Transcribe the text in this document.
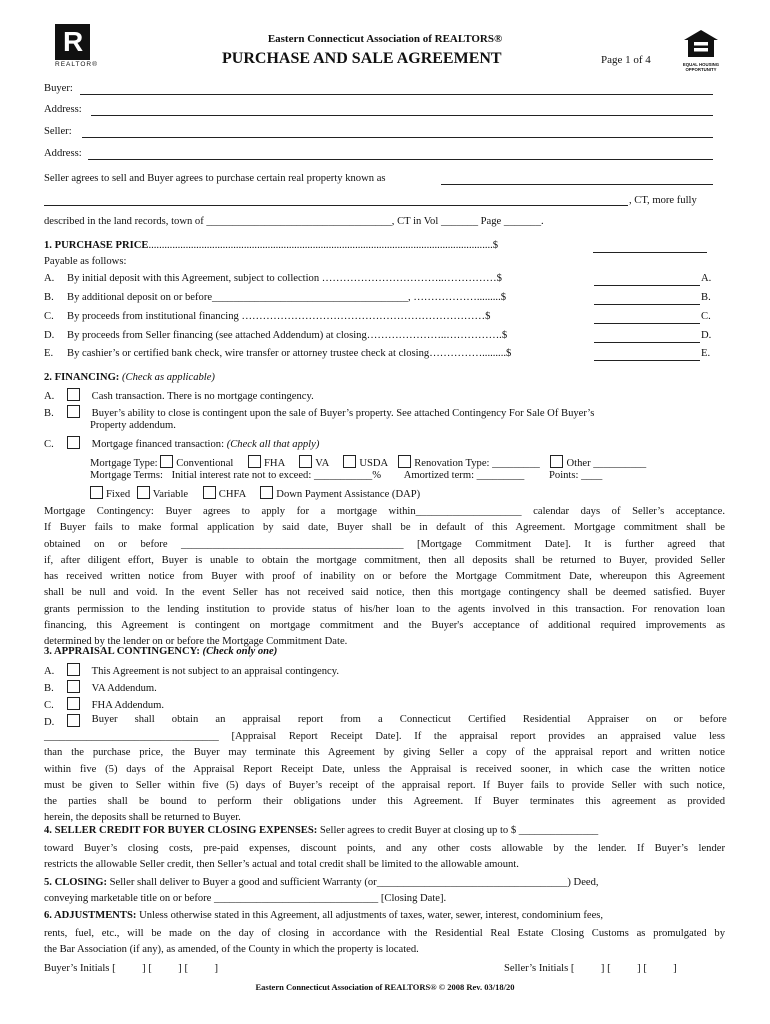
R
REALTOR®
Eastern Connecticut Association of REALTORS®
PURCHASE AND SALE AGREEMENT	Page 1 of 4	EQUAL HOUSING
OPPORTUNITY
Buyer:
Address:
Seller:
Address:
Seller agrees to sell and Buyer agrees to purchase certain real property known as
, CT, more fully
described in the land records, town of ___________________________________, CT in Vol _______ Page _______.
1. PURCHASE PRICE..................................................................................................................................$
Payable as follows:
A. By initial deposit with this Agreement, subject to collection ……………………………..……………$	A.
B. By additional deposit on or before_____________________________________, ……………….........$	B.
C. By proceeds from institutional financing ……………………………………………………………$	C.
D. By proceeds from Seller financing (see attached Addendum) at closing…………………..…………….$	D.
E. By cashier’s or certified bank check, wire transfer or attorney trustee check at closing…………….........$	E.
2. FINANCING: (Check as applicable)
A.	Cash transaction. There is no mortgage contingency.
B.	Buyer’s ability to close is contingent upon the sale of Buyer’s property. See attached Contingency For Sale Of Buyer’s
Property addendum.
C.	Mortgage financed transaction: (Check all that apply)
Mortgage Type: Conventional	FHA	VA	USDA	Renovation Type: _________	Other __________
Mortgage Terms: Initial interest rate not to exceed: ___________% Amortized term: _________ Points: ____
Fixed Variable	CHFA	Down Payment Assistance (DAP)
Mortgage Contingency: Buyer agrees to apply for a mortgage within____________________ calendar days of Seller’s acceptance.
If Buyer fails to make formal application by said date, Buyer shall be in default of this Agreement. Mortgage commitment shall be
obtained on or before __________________________________________ [Mortgage Commitment Date]. It is further agreed that
if, after diligent effort, Buyer is unable to obtain the mortgage commitment, then all deposits shall be returned to Buyer, provided Seller
has received written notice from Buyer with proof of inability on or before the Mortgage Commitment Date, whereupon this Agreement
shall be null and void. In the event Seller has not received said notice, then this mortgage contingency shall be deemed satisfied. Buyer
grants permission to the lending institution to provide status of his/her loan to the agents involved in this transaction. For renovation loan
financing, this Agreement is contingent on mortgage commitment and the Buyer's acceptance of additional required improvements as
determined by the lender on or before the Mortgage Commitment Date.
3. APPRAISAL CONTINGENCY: (Check only one)
A.	This Agreement is not subject to an appraisal contingency.
B.	VA Addendum.
C.	FHA Addendum.
D.	Buyer shall obtain an appraisal report from a Connecticut Certified Residential Appraiser on or before
_________________________________ [Appraisal Report Receipt Date]. If the appraisal report provides an appraised value less
than the purchase price, the Buyer may terminate this Agreement by giving Seller a copy of the appraisal report and written notice
within five (5) days of the Appraisal Report Receipt Date, unless the Appraisal is received sooner, in which case the written notice
must be given to Seller within five (5) days of Buyer’s receipt of the appraisal report. If Buyer fails to provide Seller with such notice,
the parties shall be bound to perform their obligations under this Agreement. If Buyer terminates this agreement as provided
herein, the deposits shall be returned to Buyer.
4. SELLER CREDIT FOR BUYER CLOSING EXPENSES: Seller agrees to credit Buyer at closing up to $ _______________
toward Buyer’s closing costs, pre-paid expenses, discount points, and any other costs allowable by the lender. If Buyer’s lender
restricts the allowable Seller credit, then Seller’s actual and total credit shall be limited to the allowable amount.
5. CLOSING: Seller shall deliver to Buyer a good and sufficient Warranty (or____________________________________) Deed,
conveying marketable title on or before _______________________________ [Closing Date].
6. ADJUSTMENTS: Unless otherwise stated in this Agreement, all adjustments of taxes, water, sewer, interest, condominium fees,
rents, fuel, etc., will be made on the day of closing in accordance with the Residential Real Estate Closing Customs as promulgated by
the Bar Association (if any), as amended, of the County in which the property is located.
Buyer’s Initials [          ] [          ] [          ]	Seller’s Initials [          ] [          ] [          ]
Eastern Connecticut Association of REALTORS® © 2008 Rev. 03/18/20
